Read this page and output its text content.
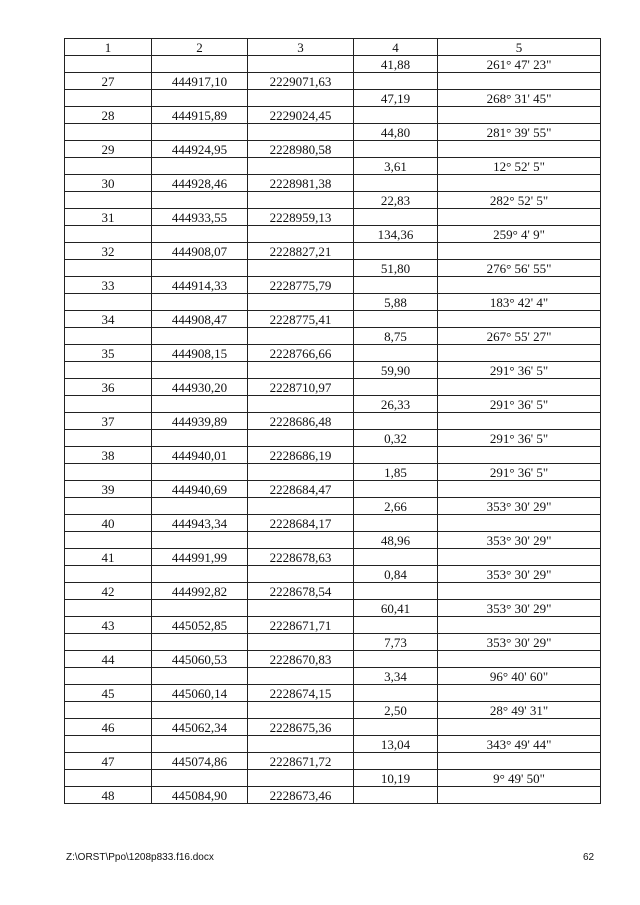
1	2	3	4	5
			41,88	261° 47' 23"
27	444917,10	2229071,63		
			47,19	268° 31' 45"
28	444915,89	2229024,45		
			44,80	281° 39' 55"
29	444924,95	2228980,58		
			3,61	12° 52' 5"
30	444928,46	2228981,38		
			22,83	282° 52' 5"
31	444933,55	2228959,13		
			134,36	259° 4' 9"
32	444908,07	2228827,21		
			51,80	276° 56' 55"
33	444914,33	2228775,79		
			5,88	183° 42' 4"
34	444908,47	2228775,41		
			8,75	267° 55' 27"
35	444908,15	2228766,66		
			59,90	291° 36' 5"
36	444930,20	2228710,97		
			26,33	291° 36' 5"
37	444939,89	2228686,48		
			0,32	291° 36' 5"
38	444940,01	2228686,19		
			1,85	291° 36' 5"
39	444940,69	2228684,47		
			2,66	353° 30' 29"
40	444943,34	2228684,17		
			48,96	353° 30' 29"
41	444991,99	2228678,63		
			0,84	353° 30' 29"
42	444992,82	2228678,54		
			60,41	353° 30' 29"
43	445052,85	2228671,71		
			7,73	353° 30' 29"
44	445060,53	2228670,83		
			3,34	96° 40' 60"
45	445060,14	2228674,15		
			2,50	28° 49' 31"
46	445062,34	2228675,36		
			13,04	343° 49' 44"
47	445074,86	2228671,72		
			10,19	9° 49' 50"
48	445084,90	2228673,46		
Z:\ORST\Ppo\1208p833.f16.docx	62
